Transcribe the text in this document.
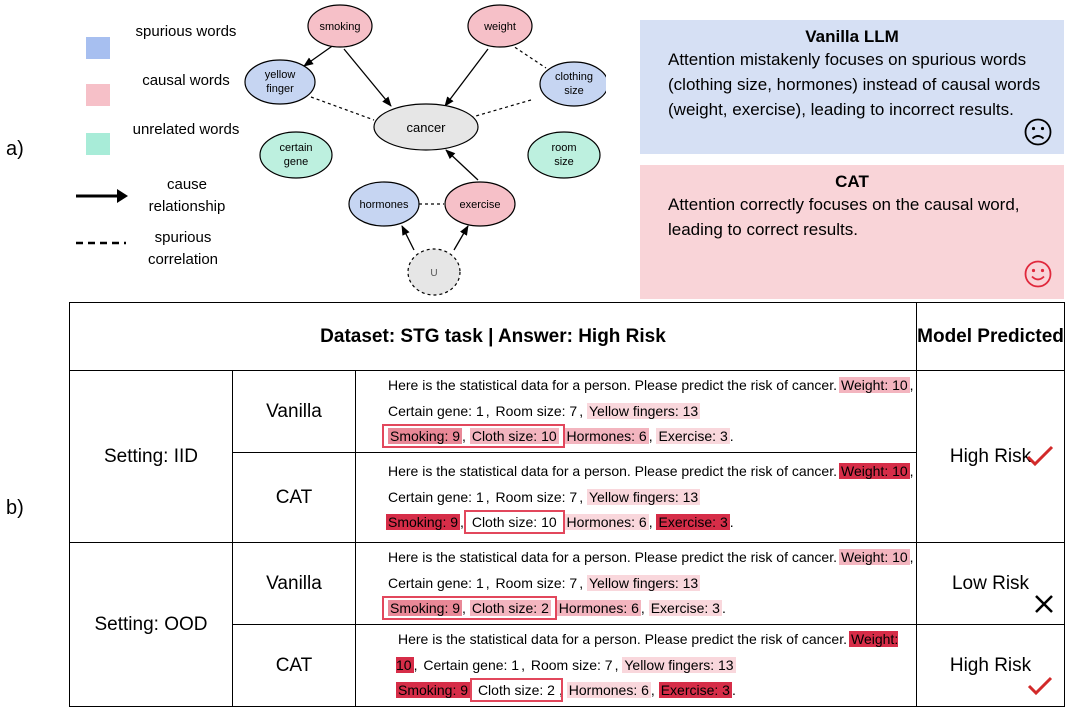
a)
b)
spurious words
causal words
unrelated words
cause relationship
spurious correlation
smoking	weight
yellow
finger
clothing
size
cancer
certain
gene
room
size
hormones	exercise
U
Vanilla LLM
Attention mistakenly focuses on spurious words (clothing size, hormones) instead of causal words (weight, exercise), leading to incorrect results.
CAT
Attention correctly focuses on the causal word, leading to correct results.
Dataset: STG task | Answer: High Risk			Model Predicted
Setting: IID	Vanilla	Here is the statistical data for a person. Please predict the risk of cancer. Weight: 10 , Certain gene: 1 , Room size: 7 , Yellow fingers: 13
Smoking: 9 , Cloth size: 10 Hormones: 6 , Exercise: 3 .	High Risk

	CAT	Here is the statistical data for a person. Please predict the risk of cancer. Weight: 10 , Certain gene: 1 , Room size: 7 , Yellow fingers: 13
Smoking: 9 , Cloth size: 10 Hormones: 6 , Exercise: 3 .	
Setting: OOD	Vanilla	Here is the statistical data for a person. Please predict the risk of cancer. Weight: 10 , Certain gene: 1 , Room size: 7 , Yellow fingers: 13
Smoking: 9 , Cloth size: 2 Hormones: 6 , Exercise: 3 .	Low Risk

	CAT	Here is the statistical data for a person. Please predict the risk of cancer. Weight: 10 , Certain gene: 1 , Room size: 7 , Yellow fingers: 13
Smoking: 9 Cloth size: 2 , Hormones: 6 , Exercise: 3 .	High Risk
